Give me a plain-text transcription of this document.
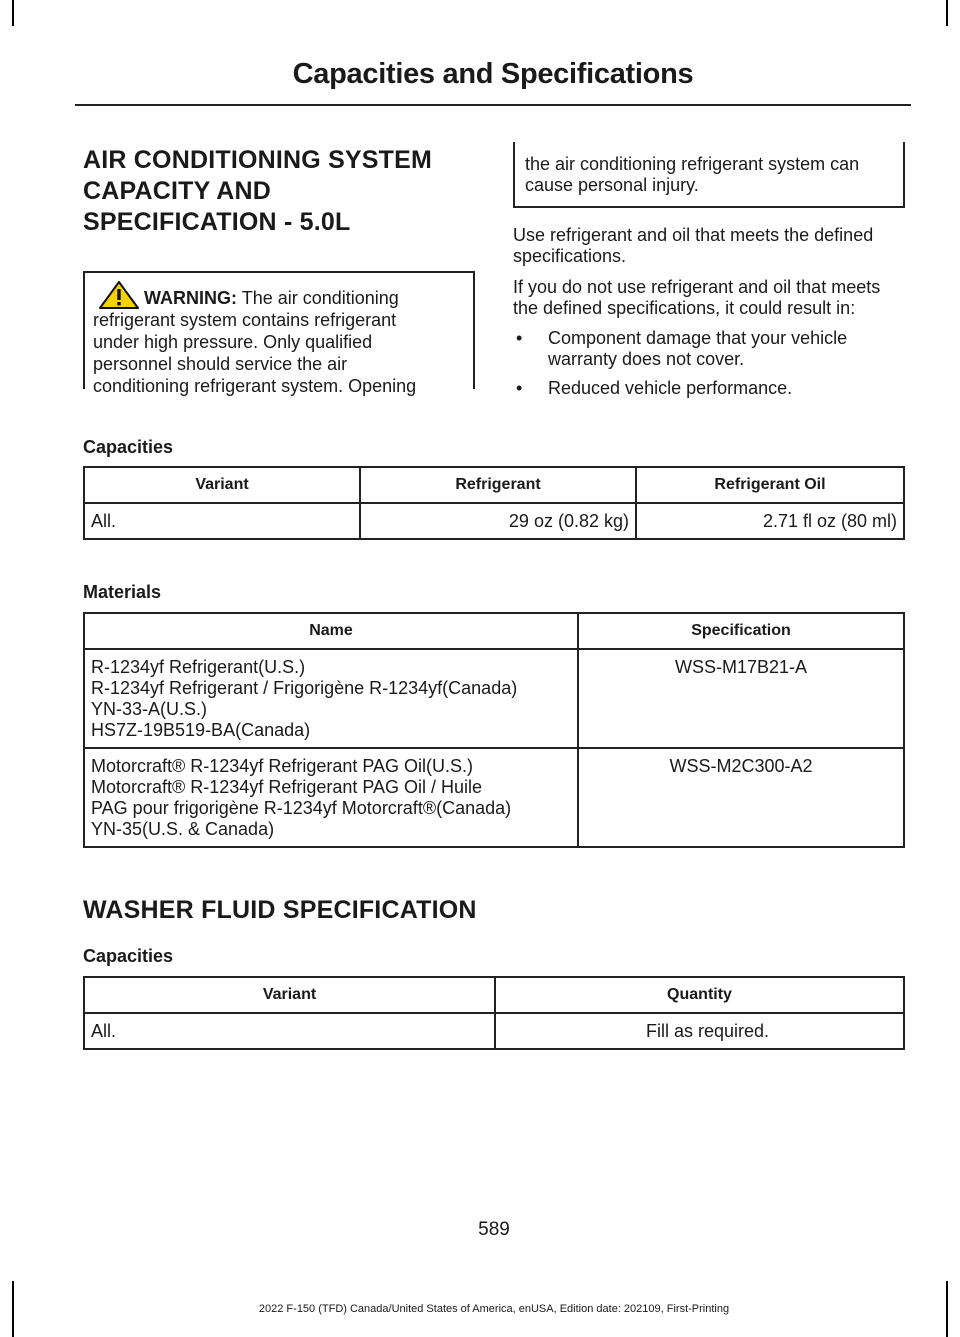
Capacities and Specifications
AIR CONDITIONING SYSTEM
CAPACITY AND
SPECIFICATION - 5.0L
WARNING: The air conditioning
refrigerant system contains refrigerant
under high pressure. Only qualified
personnel should service the air
conditioning refrigerant system. Opening
the air conditioning refrigerant system can cause personal injury.

Use refrigerant and oil that meets the defined specifications.

If you do not use refrigerant and oil that meets the defined specifications, it could result in:

• Component damage that your vehicle warranty does not cover.
• Reduced vehicle performance.
Capacities
Variant	Refrigerant	Refrigerant Oil
All.	29 oz (0.82 kg)	2.71 fl oz (80 ml)
Materials
Name	Specification

R-1234yf Refrigerant(U.S.)
R-1234yf Refrigerant / Frigorigène R-1234yf(Canada)
YN-33-A(U.S.)
HS7Z-19B519-BA(Canada)	WSS-M17B21-A

Motorcraft® R-1234yf Refrigerant PAG Oil(U.S.)
Motorcraft® R-1234yf Refrigerant PAG Oil / Huile
PAG pour frigorigène R-1234yf Motorcraft®(Canada)
YN-35(U.S. & Canada)	WSS-M2C300-A2
WASHER FLUID SPECIFICATION
Capacities
Variant	Quantity
All.	Fill as required.
589
2022 F-150 (TFD) Canada/United States of America, enUSA, Edition date: 202109, First-Printing
